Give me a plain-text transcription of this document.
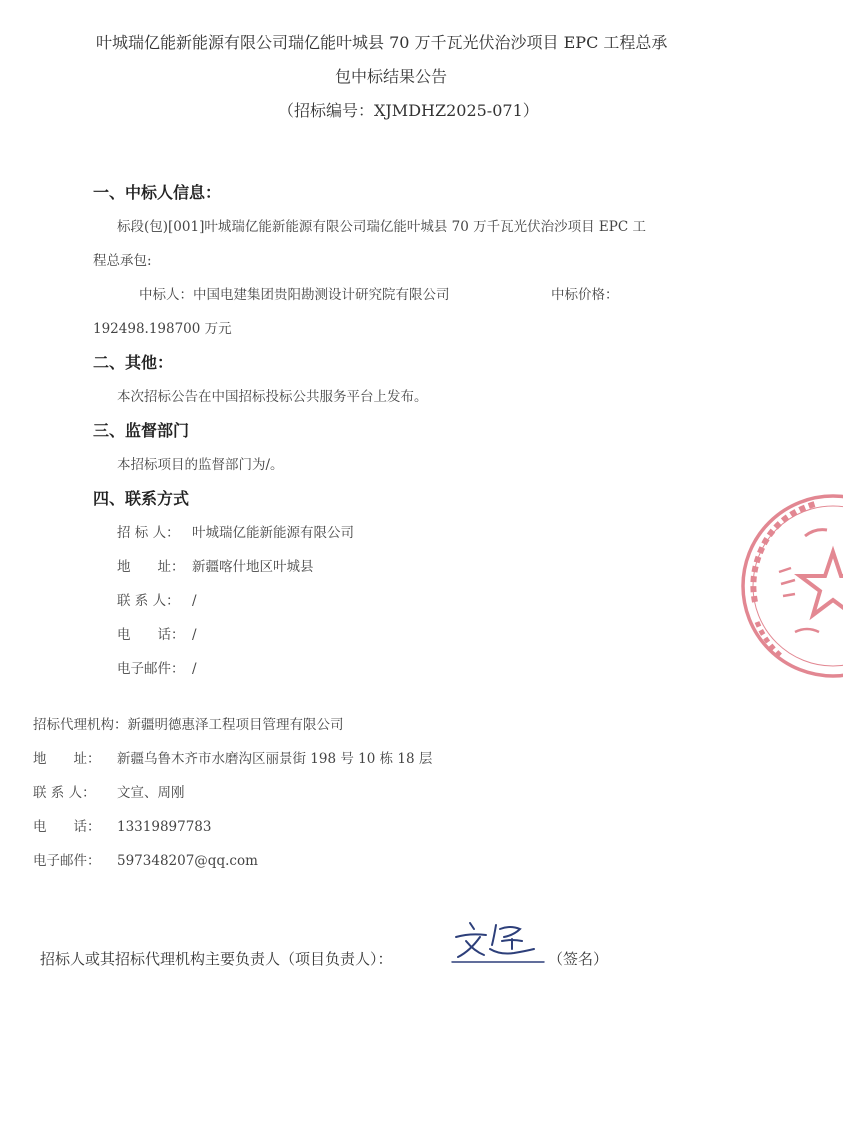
叶城瑞亿能新能源有限公司瑞亿能叶城县 70 万千瓦光伏治沙项目 EPC 工程总承
包中标结果公告
（招标编号：XJMDHZ2025-071）
一、中标人信息：
标段(包)[001]叶城瑞亿能新能源有限公司瑞亿能叶城县 70 万千瓦光伏治沙项目 EPC 工
程总承包:
中标人：中国电建集团贵阳勘测设计研究院有限公司	中标价格：
192498.198700 万元
二、其他：
本次招标公告在中国招标投标公共服务平台上发布。
三、监督部门
本招标项目的监督部门为/。
四、联系方式
招 标 人： 叶城瑞亿能新能源有限公司
地　　址： 新疆喀什地区叶城县
联 系 人： /
电　　话： /
电子邮件： /
招标代理机构：新疆明德惠泽工程项目管理有限公司
地　　址： 新疆乌鲁木齐市水磨沟区丽景街 198 号 10 栋 18 层
联 系 人： 文宣、周刚
电　　话： 13319897783
电子邮件： 597348207@qq.com
招标人或其招标代理机构主要负责人（项目负责人）：	（签名）
